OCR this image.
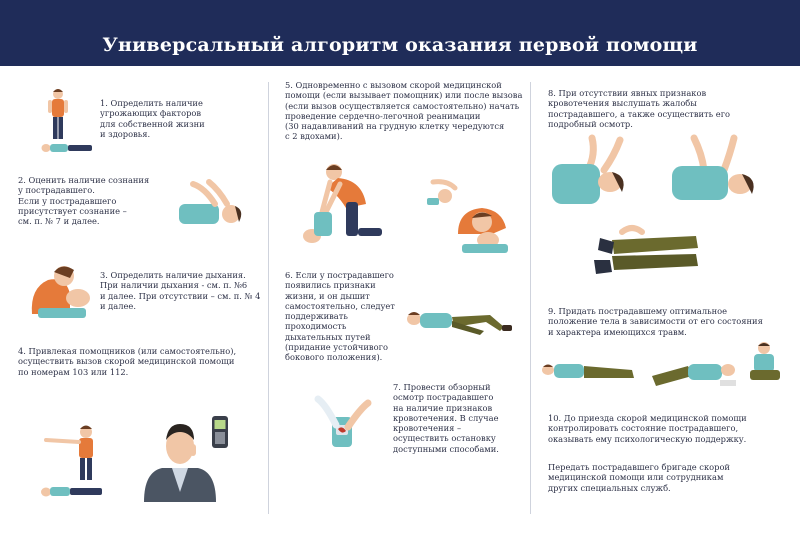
Универсальный алгоритм оказания первой помощи

1. Определить наличие
угрожающих факторов
для собственной жизни
и здоровья.

2. Оценить наличие сознания
у пострадавшего.
Если у пострадавшего
присутствует сознание –
см. п. № 7 и далее.

3. Определить наличие дыхания.
При наличии дыхания - см. п. №6
и далее. При отсутствии – см. п. № 4
и далее.

4. Привлекая помощников (или самостоятельно),
осуществить вызов скорой медицинской помощи
по номерам 103 или 112.

5. Одновременно с вызовом скорой медицинской
помощи (если вызывает помощник) или после вызова
(если вызов осуществляется самостоятельно) начать
проведение сердечно-легочной реанимации
(30 надавливаний на грудную клетку чередуются
с 2 вдохами).

6. Если у пострадавшего
появились признаки
жизни, и он дышит
самостоятельно, следует
поддерживать
проходимость
дыхательных путей
(придание устойчивого
бокового положения).

7. Провести обзорный
осмотр пострадавшего
на наличие признаков
кровотечения. В случае
кровотечения –
осуществить остановку
доступными способами.

8. При отсутствии явных признаков
кровотечения выслушать жалобы
пострадавшего, а также осуществить его
подробный осмотр.

9. Придать пострадавшему оптимальное
положение тела в зависимости от его состояния
и характера имеющихся травм.

10. До приезда скорой медицинской помощи
контролировать состояние пострадавшего,
оказывать ему психологическую поддержку.

Передать пострадавшего бригаде скорой
медицинской помощи или сотрудникам
других специальных служб.
